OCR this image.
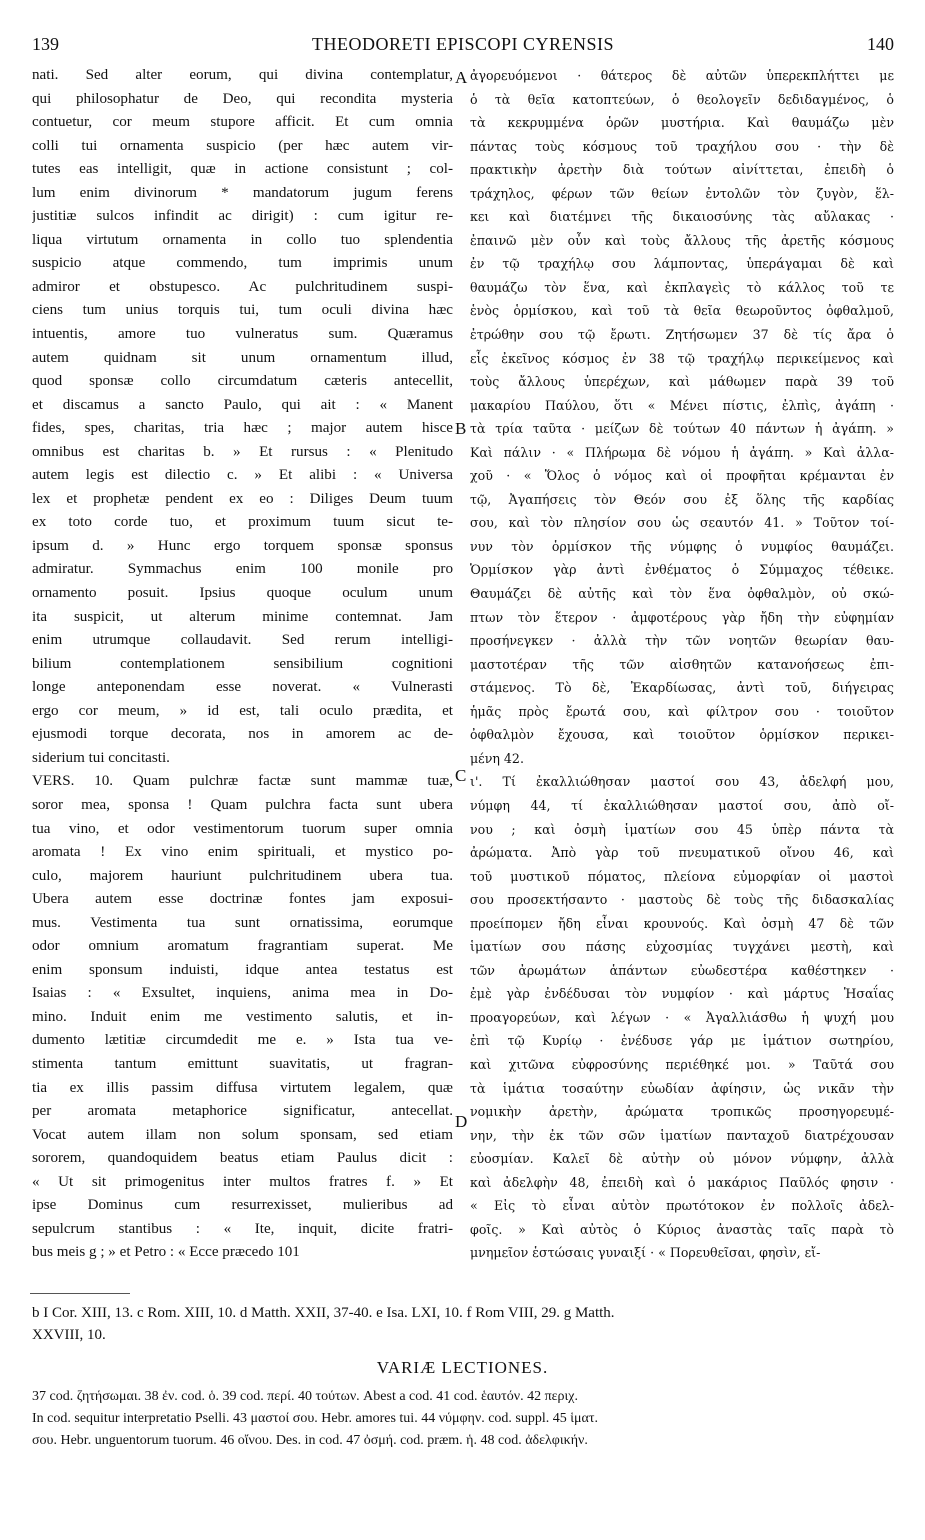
139	THEODORETI EPISCOPI CYRENSIS	140
nati. Sed alter eorum, qui divina contemplatur,
qui philosophatur de Deo, qui recondita mysteria
contuetur, cor meum stupore afficit. Et cum omnia
colli tui ornamenta suspicio (per hæc autem vir-
tutes eas intelligit, quæ in actione consistunt ; col-
lum enim divinorum * mandatorum jugum ferens
justitiæ sulcos infindit ac dirigit) : cum igitur re-
liqua virtutum ornamenta in collo tuo splendentia
suspicio atque commendo, tum imprimis unum
admiror et obstupesco. Ac pulchritudinem suspi-
ciens tum unius torquis tui, tum oculi divina hæc
intuentis, amore tuo vulneratus sum. Quæramus
autem quidnam sit unum ornamentum illud,
quod sponsæ collo circumdatum cæteris antecellit,
et discamus a sancto Paulo, qui ait : « Manent
fides, spes, charitas, tria hæc ; major autem hisce
omnibus est charitas b. » Et rursus : « Plenitudo
autem legis est dilectio c. » Et alibi : « Universa
lex et prophetæ pendent ex eo : Diliges Deum tuum
ex toto corde tuo, et proximum tuum sicut te-
ipsum d. » Hunc ergo torquem sponsæ sponsus
admiratur. Symmachus enim 100 monile pro
ornamento posuit. Ipsius quoque oculum unum
ita suspicit, ut alterum minime contemnat. Jam
enim utrumque collaudavit. Sed rerum intelligi-
bilium contemplationem sensibilium cognitioni
longe anteponendam esse noverat. « Vulnerasti
ergo cor meum, » id est, tali oculo prædita, et
ejusmodi torque decorata, nos in amorem ac de-
siderium tui concitasti.
VERS. 10. Quam pulchræ factæ sunt mammæ tuæ,
soror mea, sponsa ! Quam pulchra facta sunt ubera
tua vino, et odor vestimentorum tuorum super omnia
aromata ! Ex vino enim spirituali, et mystico po-
culo, majorem hauriunt pulchritudinem ubera tua.
Ubera autem esse doctrinæ fontes jam exposui-
mus. Vestimenta tua sunt ornatissima, eorumque
odor omnium aromatum fragrantiam superat. Me
enim sponsum induisti, idque antea testatus est
Isaias : « Exsultet, inquiens, anima mea in Do-
mino. Induit enim me vestimento salutis, et in-
dumento lætitiæ circumdedit me e. » Ista tua ve-
stimenta tantum emittunt suavitatis, ut fragran-
tia ex illis passim diffusa virtutem legalem, quæ
per aromata metaphorice significatur, antecellat.
Vocat autem illam non solum sponsam, sed etiam
sororem, quandoquidem beatus etiam Paulus dicit :
« Ut sit primogenitus inter multos fratres f. » Et
ipse Dominus cum resurrexisset, mulieribus ad
sepulcrum stantibus : « Ite, inquit, dicite fratri-
bus meis g ; » et Petro : « Ecce præcedo 101
ἀγορευόμενοι · θάτερος δὲ αὐτῶν ὑπερεκπλήττει με
ὁ τὰ θεῖα κατοπτεύων, ὁ θεολογεῖν δεδιδαγμένος, ὁ
τὰ κεκρυμμένα ὁρῶν μυστήρια. Καὶ θαυμάζω μὲν
πάντας τοὺς κόσμους τοῦ τραχήλου σου · τὴν δὲ
πρακτικὴν ἀρετὴν διὰ τούτων αἰνίττεται, ἐπειδὴ ὁ
τράχηλος, φέρων τῶν θείων ἐντολῶν τὸν ζυγὸν, ἕλ-
κει καὶ διατέμνει τῆς δικαιοσύνης τὰς αὔλακας ·
ἐπαινῶ μὲν οὖν καὶ τοὺς ἄλλους τῆς ἀρετῆς κόσμους
ἐν τῷ τραχήλῳ σου λάμποντας, ὑπεράγαμαι δὲ καὶ
θαυμάζω τὸν ἕνα, καὶ ἐκπλαγεὶς τὸ κάλλος τοῦ τε
ἑνὸς ὁρμίσκου, καὶ τοῦ τὰ θεῖα θεωροῦντος ὀφθαλμοῦ,
ἐτρώθην σου τῷ ἔρωτι. Ζητήσωμεν 37 δὲ τίς ἄρα ὁ
εἷς ἐκεῖνος κόσμος ἐν 38 τῷ τραχήλῳ περικείμενος καὶ
τοὺς ἄλλους ὑπερέχων, καὶ μάθωμεν παρὰ 39 τοῦ
μακαρίου Παύλου, ὅτι « Μένει πίστις, ἐλπὶς, ἀγάπη ·
τὰ τρία ταῦτα · μείζων δὲ τούτων 40 πάντων ἡ ἀγάπη. »
Καὶ πάλιν · « Πλήρωμα δὲ νόμου ἡ ἀγάπη. » Καὶ ἀλλα-
χοῦ · « Ὅλος ὁ νόμος καὶ οἱ προφῆται κρέμανται ἐν
τῷ, Ἀγαπήσεις τὸν Θεόν σου ἐξ ὅλης τῆς καρδίας
σου, καὶ τὸν πλησίον σου ὡς σεαυτόν 41. » Τοῦτον τοί-
νυν τὸν ὁρμίσκον τῆς νύμφης ὁ νυμφίος θαυμάζει.
Ὁρμίσκον γὰρ ἀντὶ ἐνθέματος ὁ Σύμμαχος τέθεικε.
Θαυμάζει δὲ αὐτῆς καὶ τὸν ἕνα ὀφθαλμὸν, οὐ σκώ-
πτων τὸν ἕτερον · ἀμφοτέρους γὰρ ἤδη τὴν εὐφημίαν
προσήνεγκεν · ἀλλὰ τὴν τῶν νοητῶν θεωρίαν θαυ-
μαστοτέραν τῆς τῶν αἰσθητῶν κατανοήσεως ἐπι-
στάμενος. Τὸ δὲ, Ἐκαρδίωσας, ἀντὶ τοῦ, διήγειρας
ἡμᾶς πρὸς ἔρωτά σου, καὶ φίλτρον σου · τοιοῦτον
ὀφθαλμὸν ἔχουσα, καὶ τοιοῦτον ὁρμίσκον περικει-
μένη 42.
ι'. Τί ἐκαλλιώθησαν μαστοί σου 43, ἀδελφή μου,
νύμφη 44, τί ἐκαλλιώθησαν μαστοί σου, ἀπὸ οἴ-
νου ; καὶ ὀσμὴ ἱματίων σου 45 ὑπὲρ πάντα τὰ
ἀρώματα. Ἀπὸ γὰρ τοῦ πνευματικοῦ οἴνου 46, καὶ
τοῦ μυστικοῦ πόματος, πλείονα εὐμορφίαν οἱ μαστοὶ
σου προσεκτήσαντο · μαστοὺς δὲ τοὺς τῆς διδασκαλίας
προείπομεν ἤδη εἶναι κρουνούς. Καὶ ὀσμὴ 47 δὲ τῶν
ἱματίων σου πάσης εὐχοσμίας τυγχάνει μεστὴ, καὶ
τῶν ἀρωμάτων ἁπάντων εὐωδεστέρα καθέστηκεν ·
ἐμὲ γὰρ ἐνδέδυσαι τὸν νυμφίον · καὶ μάρτυς Ἡσαΐας
προαγορεύων, καὶ λέγων · « Ἀγαλλιάσθω ἡ ψυχή μου
ἐπὶ τῷ Κυρίῳ · ἐνέδυσε γάρ με ἱμάτιον σωτηρίου,
καὶ χιτῶνα εὐφροσύνης περιέθηκέ μοι. » Ταῦτά σου
τὰ ἱμάτια τοσαύτην εὐωδίαν ἀφίησιν, ὡς νικᾶν τὴν
νομικὴν ἀρετὴν, ἀρώματα τροπικῶς προσηγορευμέ-
νην, τὴν ἐκ τῶν σῶν ἱματίων πανταχοῦ διατρέχουσαν
εὐοσμίαν. Καλεῖ δὲ αὐτὴν οὐ μόνον νύμφην, ἀλλὰ
καὶ ἀδελφὴν 48, ἐπειδὴ καὶ ὁ μακάριος Παῦλός φησιν ·
« Εἰς τὸ εἶναι αὐτὸν πρωτότοκον ἐν πολλοῖς ἀδελ-
φοῖς. » Καὶ αὐτὸς ὁ Κύριος ἀναστὰς ταῖς παρὰ τὸ
μνημεῖον ἑστώσαις γυναιξί · « Πορευθεῖσαι, φησὶν, εἴ-
A
B
C
D
b I Cor. XIII, 13. c Rom. XIII, 10. d Matth. XXII, 37-40. e Isa. LXI, 10. f Rom VIII, 29. g Matth.
XXVIII, 10.
VARIÆ LECTIONES.
37 cod. ζητήσωμαι. 38 ἐν. cod. ὁ. 39 cod. περί. 40 τούτων. Abest a cod. 41 cod. ἑαυτόν. 42 περιχ.
In cod. sequitur interpretatio Pselli. 43 μαστοί σου. Hebr. amores tui. 44 νύμφην. cod. suppl. 45 ἱματ.
σου. Hebr. unguentorum tuorum. 46 οἴνου. Des. in cod. 47 ὀσμή. cod. præm. ἡ. 48 cod. ἀδελφικήν.
